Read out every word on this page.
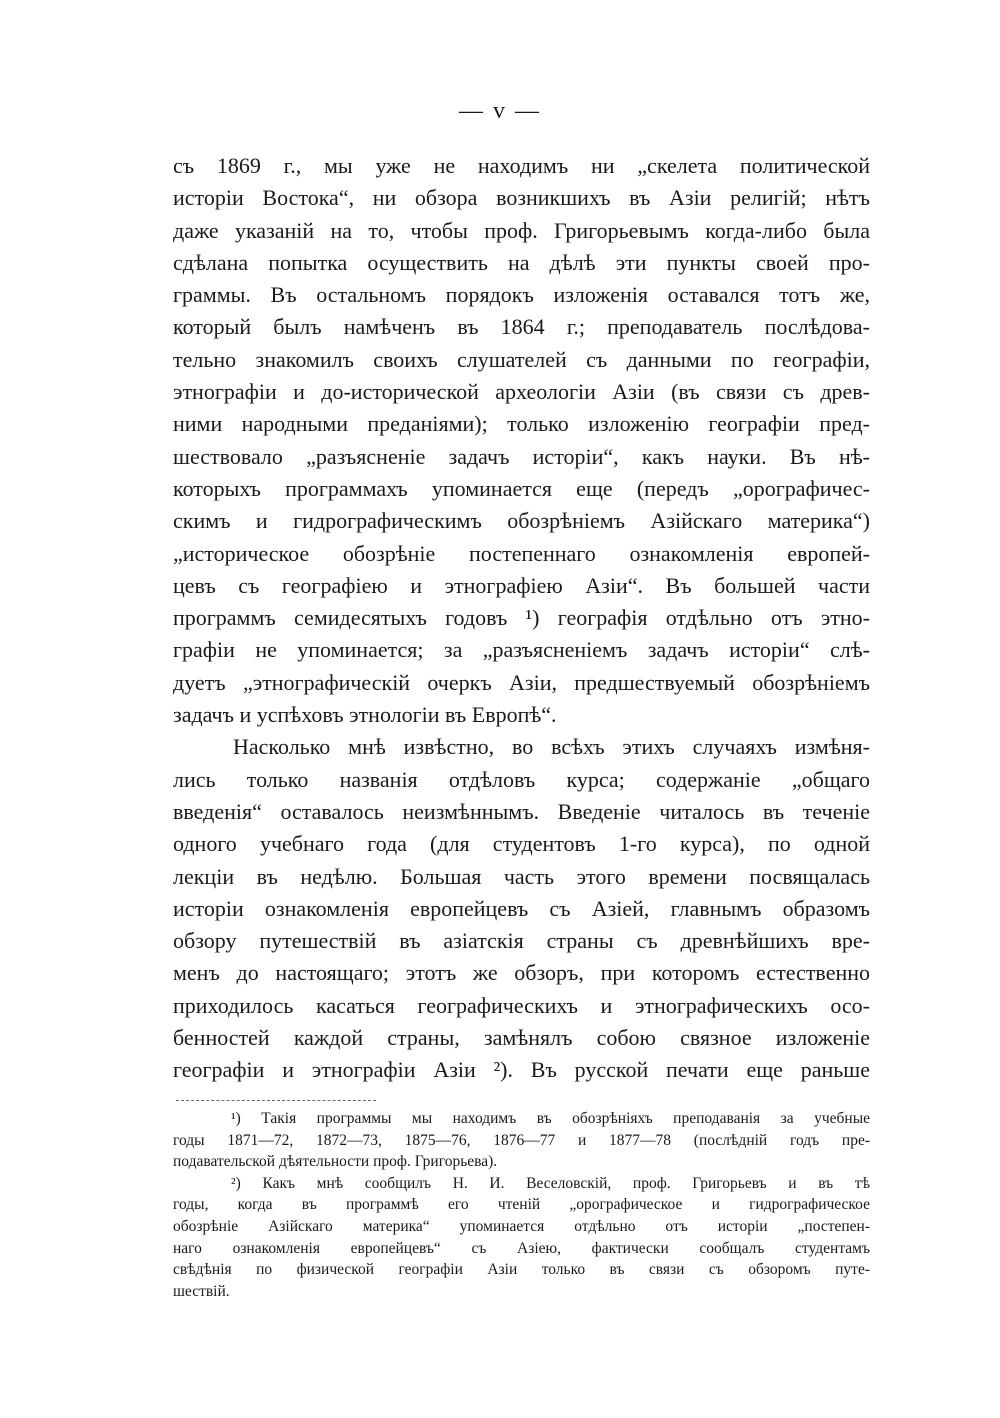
— v —
съ 1869 г., мы уже не находимъ ни „скелета политической
исторіи Востока“, ни обзора возникшихъ въ Азіи религій; нѣтъ
даже указаній на то, чтобы проф. Григорьевымъ когда-либо была
сдѣлана попытка осуществить на дѣлѣ эти пункты своей про-
граммы. Въ остальномъ порядокъ изложенія оставался тотъ же,
который былъ намѣченъ въ 1864 г.; преподаватель послѣдова-
тельно знакомилъ своихъ слушателей съ данными по географіи,
этнографіи и до-исторической археологіи Азіи (въ связи съ древ-
ними народными преданіями); только изложенію географіи пред-
шествовало „разъясненіе задачъ исторіи“, какъ науки. Въ нѣ-
которыхъ программахъ упоминается еще (передъ „орографичес-
скимъ и гидрографическимъ обозрѣніемъ Азійскаго материка“)
„историческое обозрѣніе постепеннаго ознакомленія европей-
цевъ съ географіею и этнографіею Азіи“. Въ большей части
программъ семидесятыхъ годовъ ¹) географія отдѣльно отъ этно-
графіи не упоминается; за „разъясненіемъ задачъ исторіи“ слѣ-
дуетъ „этнографическій очеркъ Азіи, предшествуемый обозрѣніемъ
задачъ и успѣховъ этнологіи въ Европѣ“.
Насколько мнѣ извѣстно, во всѣхъ этихъ случаяхъ измѣня-
лись только названія отдѣловъ курса; содержаніе „общаго
введенія“ оставалось неизмѣннымъ. Введеніе читалось въ теченіе
одного учебнаго года (для студентовъ 1-го курса), по одной
лекціи въ недѣлю. Большая часть этого времени посвящалась
исторіи ознакомленія европейцевъ съ Азіей, главнымъ образомъ
обзору путешествій въ азіатскія страны съ древнѣйшихъ вре-
менъ до настоящаго; этотъ же обзоръ, при которомъ естественно
приходилось касаться географическихъ и этнографическихъ осо-
бенностей каждой страны, замѣнялъ собою связное изложеніе
географіи и этнографіи Азіи ²). Въ русской печати еще раньше
¹) Такія программы мы находимъ въ обозрѣніяхъ преподаванія за учебные
годы 1871—72, 1872—73, 1875—76, 1876—77 и 1877—78 (послѣдній годъ пре-
подавательской дѣятельности проф. Григорьева).
²) Какъ мнѣ сообщилъ Н. И. Веселовскій, проф. Григорьевъ и въ тѣ
годы, когда въ программѣ его чтеній „орографическое и гидрографическое
обозрѣніе Азійскаго материка“ упоминается отдѣльно отъ исторіи „постепен-
наго ознакомленія европейцевъ“ съ Азіею, фактически сообщалъ студентамъ
свѣдѣнія по физической географіи Азіи только въ связи съ обзоромъ путе-
шествій.
